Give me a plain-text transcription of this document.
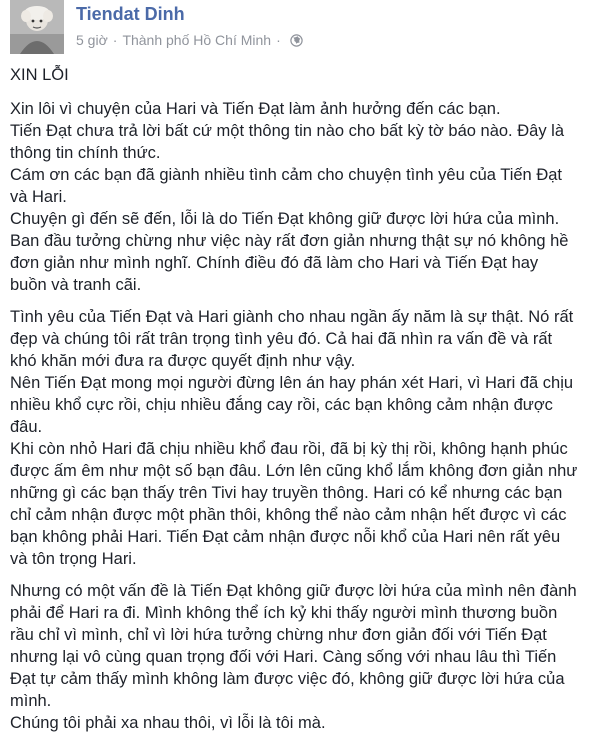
Tiendat Dinh
5 giờ · Thành phố Hồ Chí Minh ·
XIN LỖI
Xin lôi vì chuyện của Hari và Tiến Đạt làm ảnh hưởng đến các bạn.
Tiến Đạt chưa trả lời bất cứ một thông tin nào cho bất kỳ tờ báo nào. Đây là
thông tin chính thức.
Cám ơn các bạn đã giành nhiều tình cảm cho chuyện tình yêu của Tiến Đạt
và Hari.
Chuyện gì đến sẽ đến, lỗi là do Tiến Đạt không giữ được lời hứa của mình.
Ban đầu tưởng chừng như việc này rất đơn giản nhưng thật sự nó không hề
đơn giản như mình nghĩ. Chính điều đó đã làm cho Hari và Tiến Đạt hay
buồn và tranh cãi.
Tình yêu của Tiến Đạt và Hari giành cho nhau ngần ấy năm là sự thật. Nó rất
đẹp và chúng tôi rất trân trọng tình yêu đó. Cả hai đã nhìn ra vấn đề và rất
khó khăn mới đưa ra được quyết định như vậy.
Nên Tiến Đạt mong mọi người đừng lên án hay phán xét Hari, vì Hari đã chịu
nhiều khổ cực rồi, chịu nhiều đắng cay rồi, các bạn không cảm nhận được
đâu.
Khi còn nhỏ Hari đã chịu nhiều khổ đau rồi, đã bị kỳ thị rồi, không hạnh phúc
được ấm êm như một số bạn đâu. Lớn lên cũng khổ lắm không đơn giản như
những gì các bạn thấy trên Tivi hay truyền thông. Hari có kể nhưng các bạn
chỉ cảm nhận được một phần thôi, không thể nào cảm nhận hết được vì các
bạn không phải Hari. Tiến Đạt cảm nhận được nỗi khổ của Hari nên rất yêu
và tôn trọng Hari.
Nhưng có một vấn đề là Tiến Đạt không giữ được lời hứa của mình nên đành
phải để Hari ra đi. Mình không thể ích kỷ khi thấy người mình thương buồn
rầu chỉ vì mình, chỉ vì lời hứa tưởng chừng như đơn giản đối với Tiến Đạt
nhưng lại vô cùng quan trọng đối với Hari. Càng sống với nhau lâu thì Tiến
Đạt tự cảm thấy mình không làm được việc đó, không giữ được lời hứa của
mình.
Chúng tôi phải xa nhau thôi, vì lỗi là tôi mà.
